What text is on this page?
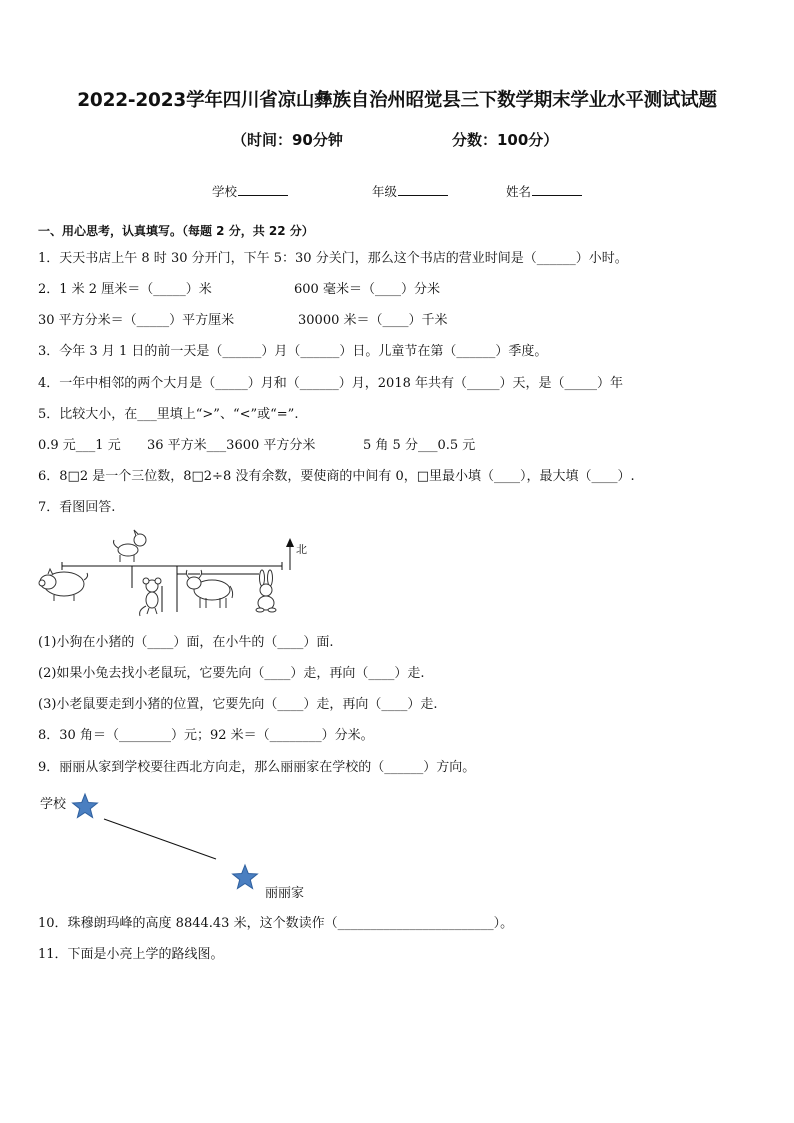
2022-2023学年四川省凉山彝族自治州昭觉县三下数学期末学业水平测试试题
（时间：90分钟	分数：100分）
学校	年级	姓名
一、用心思考，认真填写。（每题 2 分，共 22 分）
1．天天书店上午 8 时 30 分开门，下午 5：30 分关门，那么这个书店的营业时间是（______）小时。
2．1 米 2 厘米＝（_____）米	600 毫米＝（____）分米
30 平方分米＝（_____）平方厘米	30000 米＝（____）千米
3．今年 3 月 1 日的前一天是（______）月（______）日。儿童节在第（______）季度。
4．一年中相邻的两个大月是（_____）月和（______）月，2018 年共有（_____）天，是（_____）年
5．比较大小，在___里填上“>”、“<”或“=”.
0.9 元___1 元 36 平方米___3600 平方分米	5 角 5 分___0.5 元
6．8□2 是一个三位数，8□2÷8 没有余数，要使商的中间有 0，□里最小填（____），最大填（____）.
7．看图回答.
北
(1)小狗在小猪的（____）面，在小牛的（____）面.
(2)如果小兔去找小老鼠玩，它要先向（____）走，再向（____）走.
(3)小老鼠要走到小猪的位置，它要先向（____）走，再向（____）走.
8．30 角＝（________）元；92 米＝（________）分米。
9．丽丽从家到学校要往西北方向走，那么丽丽家在学校的（______）方向。
学校
丽丽家
10．珠穆朗玛峰的高度 8844.43 米，这个数读作（________________________）。
11．下面是小亮上学的路线图。
